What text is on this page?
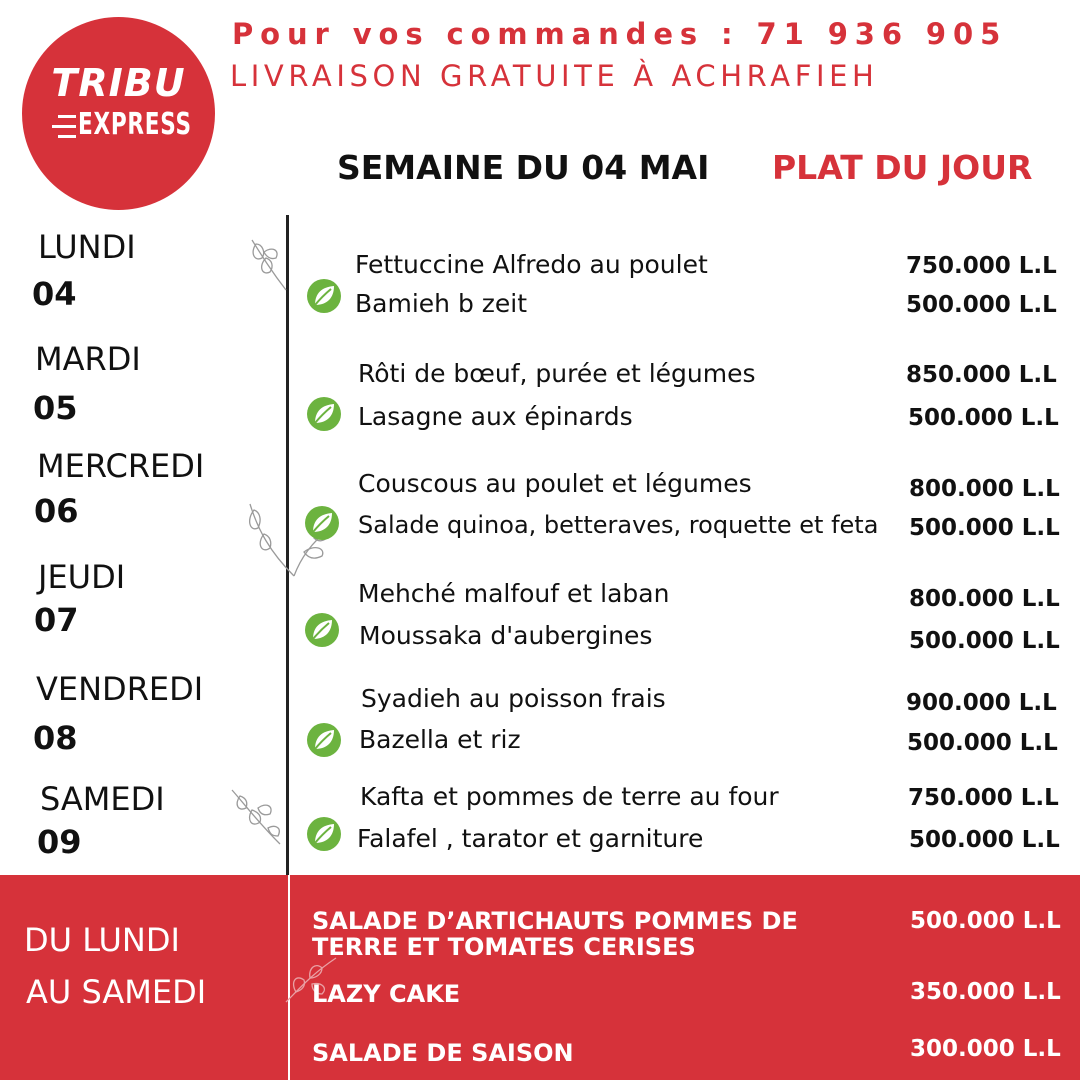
TRIBU
EXPRESS
Pour vos commandes : 71 936 905
LIVRAISON GRATUITE À ACHRAFIEH
SEMAINE DU 04 MAI PLAT DU JOUR
LUNDI
04
Fettuccine Alfredo au poulet	750.000 L.L
Bamieh b zeit	500.000 L.L
MARDI
05
Rôti de bœuf, purée et légumes	850.000 L.L
Lasagne aux épinards	500.000 L.L
MERCREDI
06
Couscous au poulet et légumes	800.000 L.L
Salade quinoa, betteraves, roquette et feta 500.000 L.L
JEUDI
07
Mehché malfouf et laban	800.000 L.L
Moussaka d'aubergines	500.000 L.L
VENDREDI
08
Syadieh au poisson frais	900.000 L.L
Bazella et riz	500.000 L.L
SAMEDI
09
Kafta et pommes de terre au four	750.000 L.L
Falafel , tarator et garniture	500.000 L.L
DU LUNDI
AU SAMEDI
SALADE D’ARTICHAUTS POMMES DE
TERRE ET TOMATES CERISES
500.000 L.L
LAZY CAKE	350.000 L.L
SALADE DE SAISON	300.000 L.L
